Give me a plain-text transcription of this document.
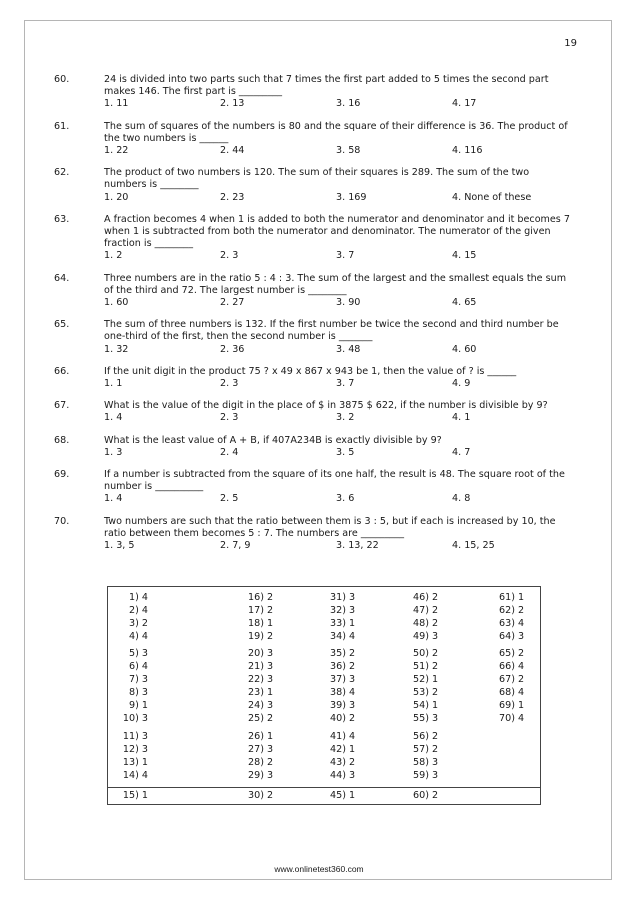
19
60.	24 is divided into two parts such that 7 times the first part added to 5 times the second part makes 146. The first part is _________
1. 11	2. 13	3. 16	4. 17
61.	The sum of squares of the numbers is 80 and the square of their difference is 36. The product of the two numbers is ______
1. 22	2. 44	3. 58	4. 116
62.	The product of two numbers is 120. The sum of their squares is 289. The sum of the two numbers is ________
1. 20	2. 23	3. 169	4. None of these
63.	A fraction becomes 4 when 1 is added to both the numerator and denominator and it becomes 7 when 1 is subtracted from both the numerator and denominator. The numerator of the given fraction is ________
1. 2	2. 3	3. 7	4. 15
64.	Three numbers are in the ratio 5 : 4 : 3. The sum of the largest and the smallest equals the sum of the third and 72. The largest number is ________
1. 60	2. 27	3. 90	4. 65
65.	The sum of three numbers is 132. If the first number be twice the second and third number be one-third of the first, then the second number is _______
1. 32	2. 36	3. 48	4. 60
66.	If the unit digit in the product 75 ? x 49 x 867 x 943 be 1, then the value of ? is ______
1. 1	2. 3	3. 7	4. 9
67.	What is the value of the digit in the place of $ in 3875 $ 622, if the number is divisible by 9?
1. 4	2. 3	3. 2	4. 1
68.	What is the least value of A + B, if 407A234B is exactly divisible by 9?
1. 3	2. 4	3. 5	4. 7
69.	If a number is subtracted from the square of its one half, the result is 48. The square root of the number is __________
1. 4	2. 5	3. 6	4. 8
70.	Two numbers are such that the ratio between them is 3 : 5, but if each is increased by 10, the ratio between them becomes 5 : 7. The numbers are _________
1. 3, 5	2. 7, 9	3. 13, 22	4. 15, 25
1) 4	16) 2	31) 3	46) 2	61) 1
2) 4	17) 2	32) 3	47) 2	62) 2
3) 2	18) 1	33) 1	48) 2	63) 4
4) 4	19) 2	34) 4	49) 3	64) 3
5) 3	20) 3	35) 2	50) 2	65) 2
6) 4	21) 3	36) 2	51) 2	66) 4
7) 3	22) 3	37) 3	52) 1	67) 2
8) 3	23) 1	38) 4	53) 2	68) 4
9) 1	24) 3	39) 3	54) 1	69) 1
10) 3	25) 2	40) 2	55) 3	70) 4
11) 3	26) 1	41) 4	56) 2
12) 3	27) 3	42) 1	57) 2
13) 1	28) 2	43) 2	58) 3
14) 4	29) 3	44) 3	59) 3
15) 1	30) 2	45) 1	60) 2
www.onlinetest360.com
